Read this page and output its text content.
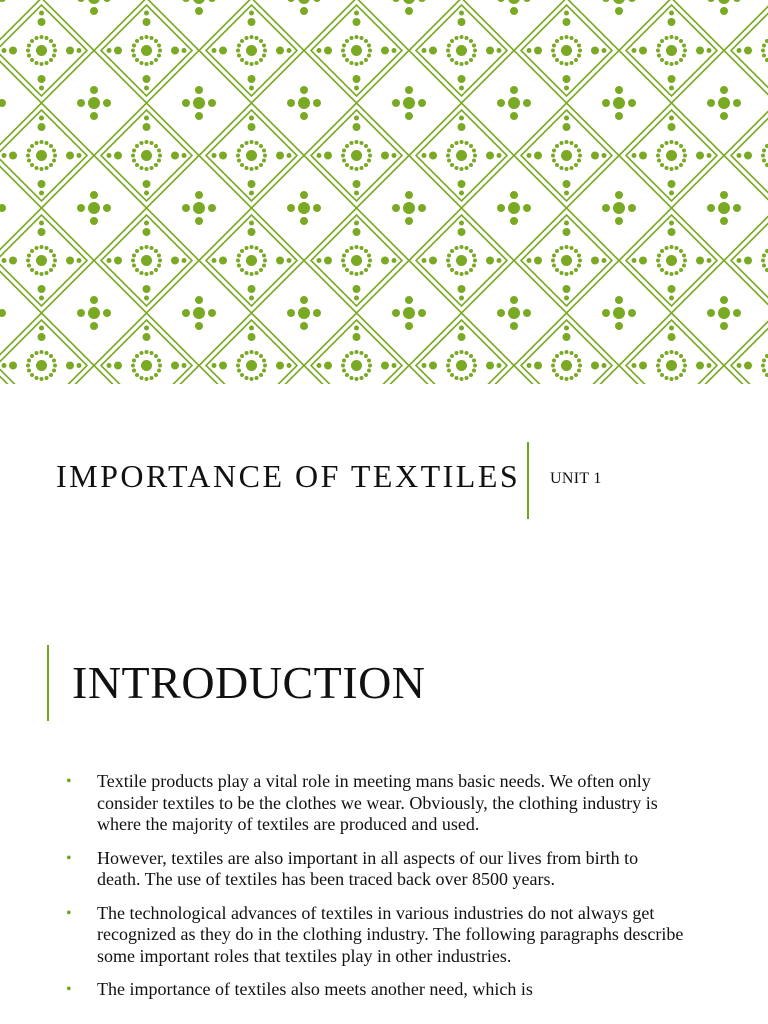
IMPORTANCE OF TEXTILES UNIT 1

INTRODUCTION
• Textile products play a vital role in meeting mans basic needs. We often only consider textiles to be the clothes we wear. Obviously, the clothing industry is where the majority of textiles are produced and used.
• However, textiles are also important in all aspects of our lives from birth to death. The use of textiles has been traced back over 8500 years.
• The technological advances of textiles in various industries do not always get recognized as they do in the clothing industry. The following paragraphs describe some important roles that textiles play in other industries.
• The importance of textiles also meets another need, which is
